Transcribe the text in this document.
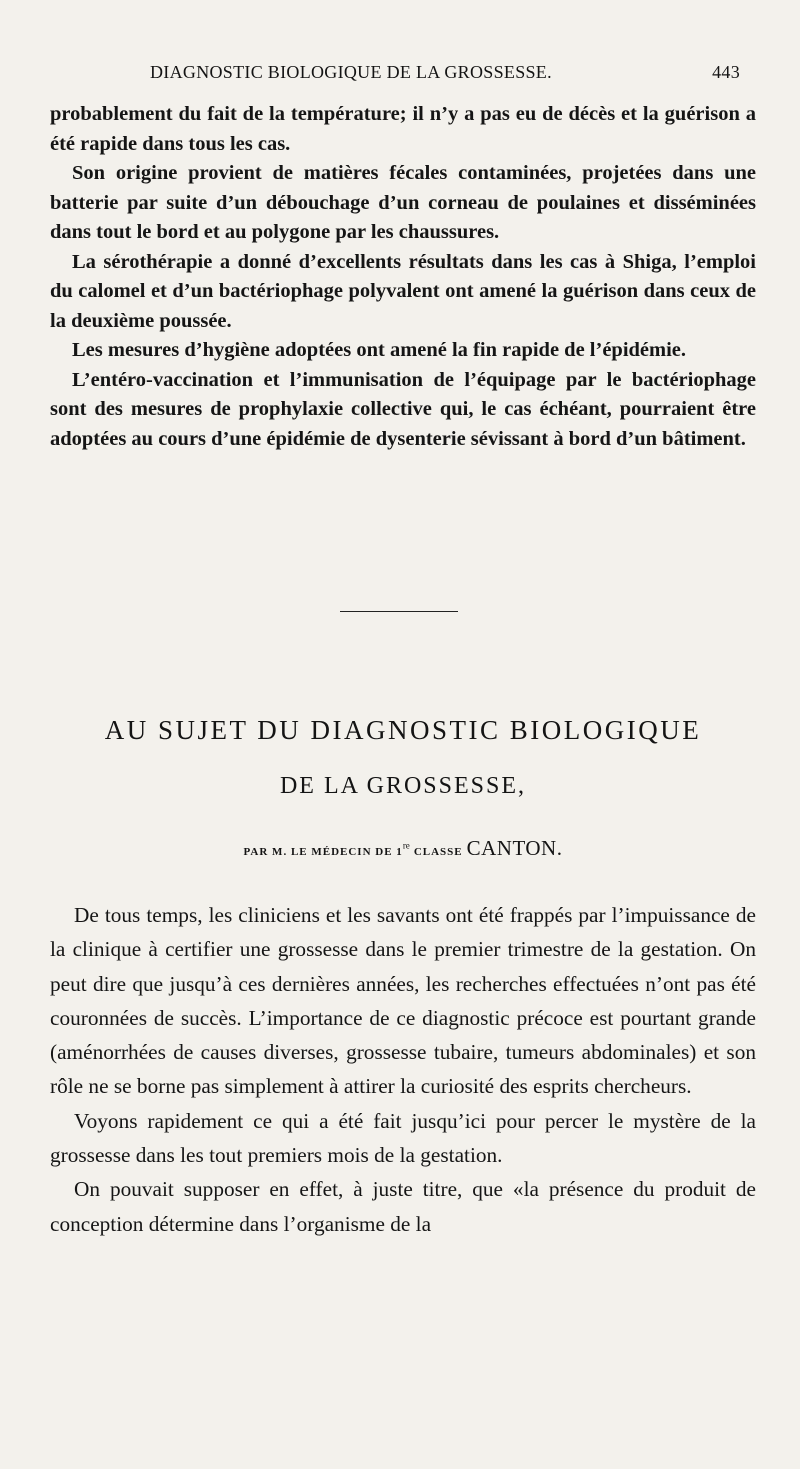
DIAGNOSTIC BIOLOGIQUE DE LA GROSSESSE.	443

probablement du fait de la température; il n’y a pas eu de décès et la guérison a été rapide dans tous les cas.

Son origine provient de matières fécales contaminées, projetées dans une batterie par suite d’un débouchage d’un corneau de poulaines et disséminées dans tout le bord et au polygone par les chaussures.

La sérothérapie a donné d’excellents résultats dans les cas à Shiga, l’emploi du calomel et d’un bactériophage polyvalent ont amené la guérison dans ceux de la deuxième poussée.

Les mesures d’hygiène adoptées ont amené la fin rapide de l’épidémie.

L’entéro-vaccination et l’immunisation de l’équipage par le bactériophage sont des mesures de prophylaxie collective qui, le cas échéant, pourraient être adoptées au cours d’une épidémie de dysenterie sévissant à bord d’un bâtiment.

AU SUJET DU DIAGNOSTIC BIOLOGIQUE
DE LA GROSSESSE,
PAR M. LE MÉDECIN DE 1re CLASSE CANTON.

De tous temps, les cliniciens et les savants ont été frappés par l’impuissance de la clinique à certifier une grossesse dans le premier trimestre de la gestation. On peut dire que jusqu’à ces dernières années, les recherches effectuées n’ont pas été couronnées de succès. L’importance de ce diagnostic précoce est pourtant grande (aménorrhées de causes diverses, grossesse tubaire, tumeurs abdominales) et son rôle ne se borne pas simplement à attirer la curiosité des esprits chercheurs.

Voyons rapidement ce qui a été fait jusqu’ici pour percer le mystère de la grossesse dans les tout premiers mois de la gestation.

On pouvait supposer en effet, à juste titre, que «la présence du produit de conception détermine dans l’organisme de la
